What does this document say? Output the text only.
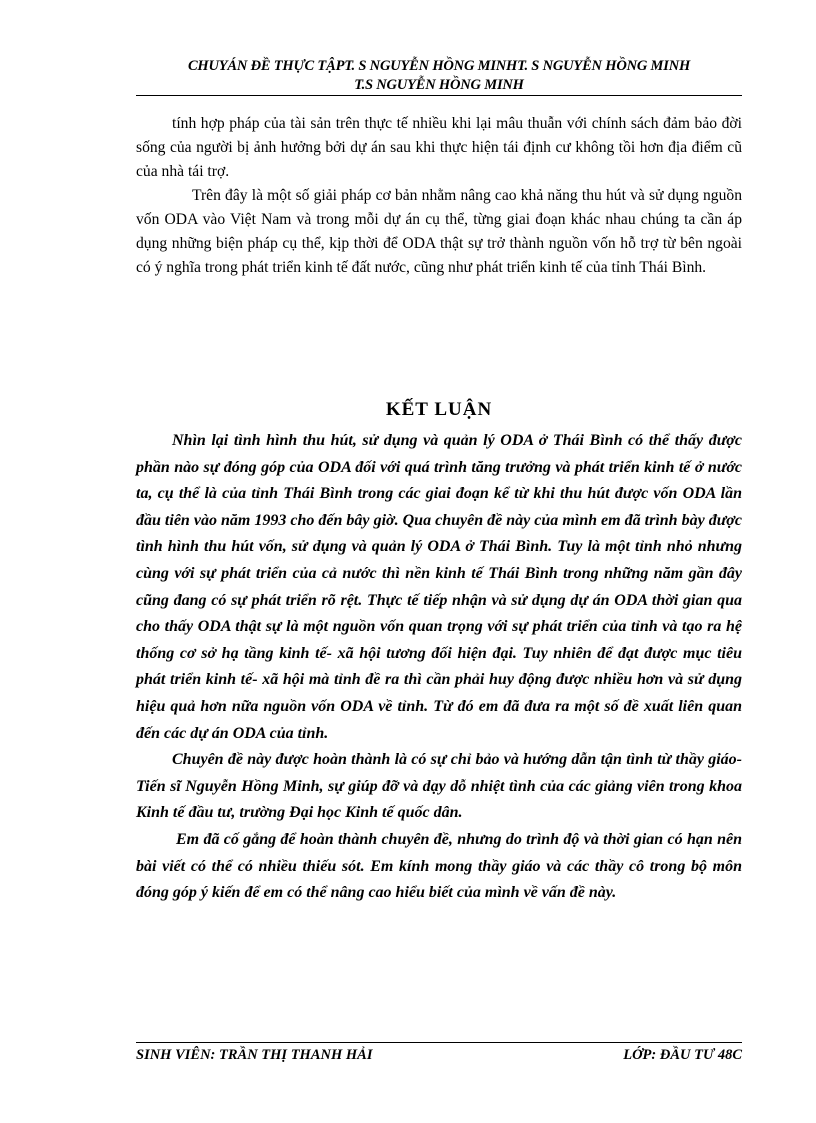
CHUYÁN ĐỀ THỰC TẬPT. S NGUYỄN HỒNG MINHT. S NGUYỄN HỒNG MINH
T.S NGUYỄN HỒNG MINH

tính hợp pháp của tài sản trên thực tế nhiều khi lại mâu thuẫn với chính sách đảm bảo đời sống của người bị ảnh hưởng bởi dự án sau khi thực hiện tái định cư không tồi hơn địa điểm cũ của nhà tái trợ.

Trên đây là một số giải pháp cơ bản nhằm nâng cao khả năng thu hút và sử dụng nguồn vốn ODA vào Việt Nam và trong mỗi dự án cụ thể, từng giai đoạn khác nhau chúng ta cần áp dụng những biện pháp cụ thể, kịp thời để ODA thật sự trở thành nguồn vốn hỗ trợ từ bên ngoài có ý nghĩa trong phát triển kinh tế đất nước, cũng như phát triển kinh tế của tỉnh Thái Bình.

KẾT LUẬN

Nhìn lại tình hình thu hút, sử dụng và quản lý ODA ở Thái Bình có thể thấy được phần nào sự đóng góp của ODA đối với quá trình tăng trưởng và phát triển kinh tế ở nước ta, cụ thể là của tỉnh Thái Bình trong các giai đoạn kể từ khi thu hút được vốn ODA lần đầu tiên vào năm 1993 cho đến bây giờ. Qua chuyên đề này của mình em đã trình bày được tình hình thu hút vốn, sử dụng và quản lý ODA ở Thái Bình. Tuy là một tỉnh nhỏ nhưng cùng với sự phát triển của cả nước thì nền kinh tế Thái Bình trong những năm gần đây cũng đang có sự phát triển rõ rệt. Thực tế tiếp nhận và sử dụng dự án ODA thời gian qua cho thấy ODA thật sự là một nguồn vốn quan trọng với sự phát triển của tỉnh và tạo ra hệ thống cơ sở hạ tầng kinh tế- xã hội tương đối hiện đại. Tuy nhiên để đạt được mục tiêu phát triển kinh tế- xã hội mà tỉnh đề ra thì cần phải huy động được nhiều hơn và sử dụng hiệu quả hơn nữa nguồn vốn ODA về tỉnh. Từ đó em đã đưa ra một số đề xuất liên quan đến các dự án ODA của tỉnh.

Chuyên đề này được hoàn thành là có sự chỉ bảo và hướng dẫn tận tình từ thầy giáo- Tiến sĩ Nguyễn Hồng Minh, sự giúp đỡ và dạy dỗ nhiệt tình của các giảng viên trong khoa Kinh tế đầu tư, trường Đại học Kinh tế quốc dân.

Em đã cố gắng để hoàn thành chuyên đề, nhưng do trình độ và thời gian có hạn nên bài viết có thể có nhiều thiếu sót. Em kính mong thầy giáo và các thầy cô trong bộ môn đóng góp ý kiến để em có thể nâng cao hiểu biết của mình về vấn đề này.

SINH VIÊN: TRẦN THỊ THANH HẢI	LỚP: ĐẦU TƯ 48C
